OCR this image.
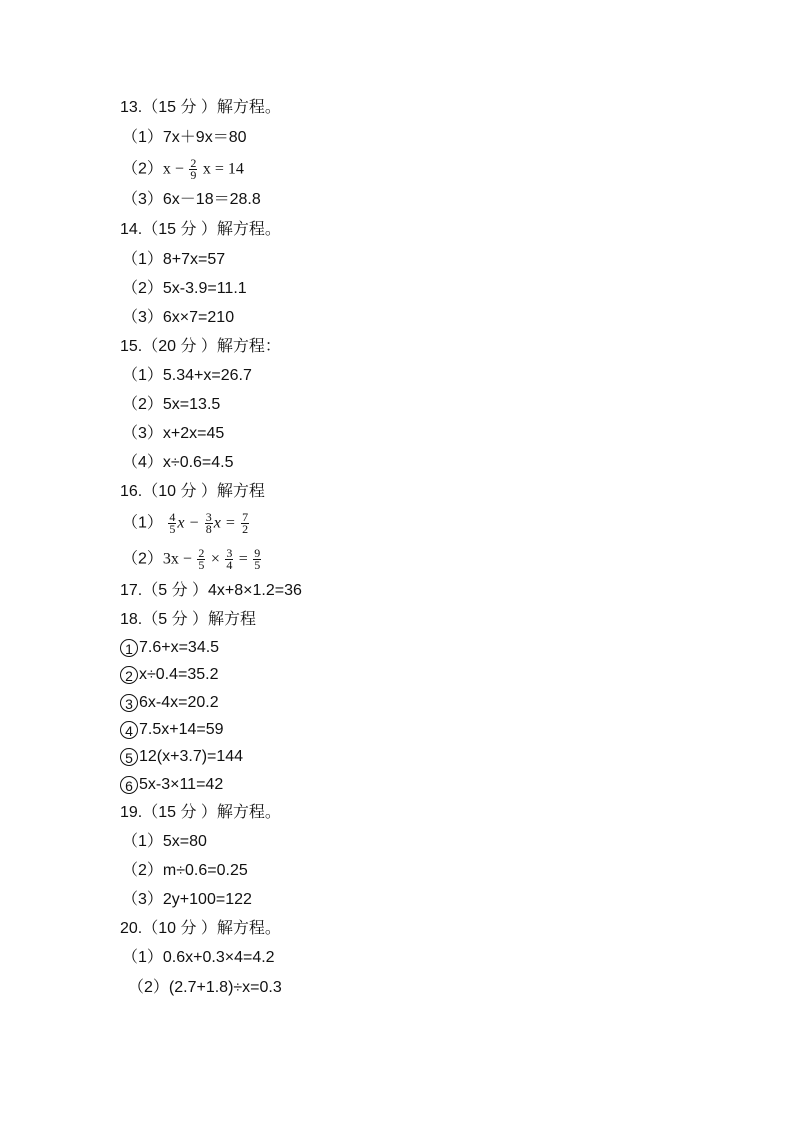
13.（15 分 ）解方程。
（1）7x＋9x＝80
$(2)x - \frac{2}{9}$ x = 14
（3）6x－18＝28.8
14.（15 分 ）解方程。
（1）8+7x=57
（2）5x-3.9=11.1
（3）6x×7=210
15.（20 分 ）解方程：
（1）5.34+x=26.7
（2）5x=13.5
（3）x+2x=45
（4）x÷0.6=4.5
16.（10 分 ）解方程
$(1) \frac{4}{5}$ $x - \frac{3}{8}$ $x = \frac{7}{2}$
$(2)3x - \frac{2}{5} \times \frac{3}{4} = \frac{9}{5}$
17.（5 分 ）4x+8×1.2=36
18.（5 分 ）解方程
1 7.6+x=34.5
2 x÷0.4=35.2
3 6x-4x=20.2
4 7.5x+14=59
5 12(x+3.7)=144
6 5x-3×11=42
19.（15 分 ）解方程。
（1）5x=80
（2）m÷0.6=0.25
（3）2y+100=122
20.（10 分 ）解方程。
（1）0.6x+0.3×4=4.2
（2）(2.7+1.8)÷x=0.3
